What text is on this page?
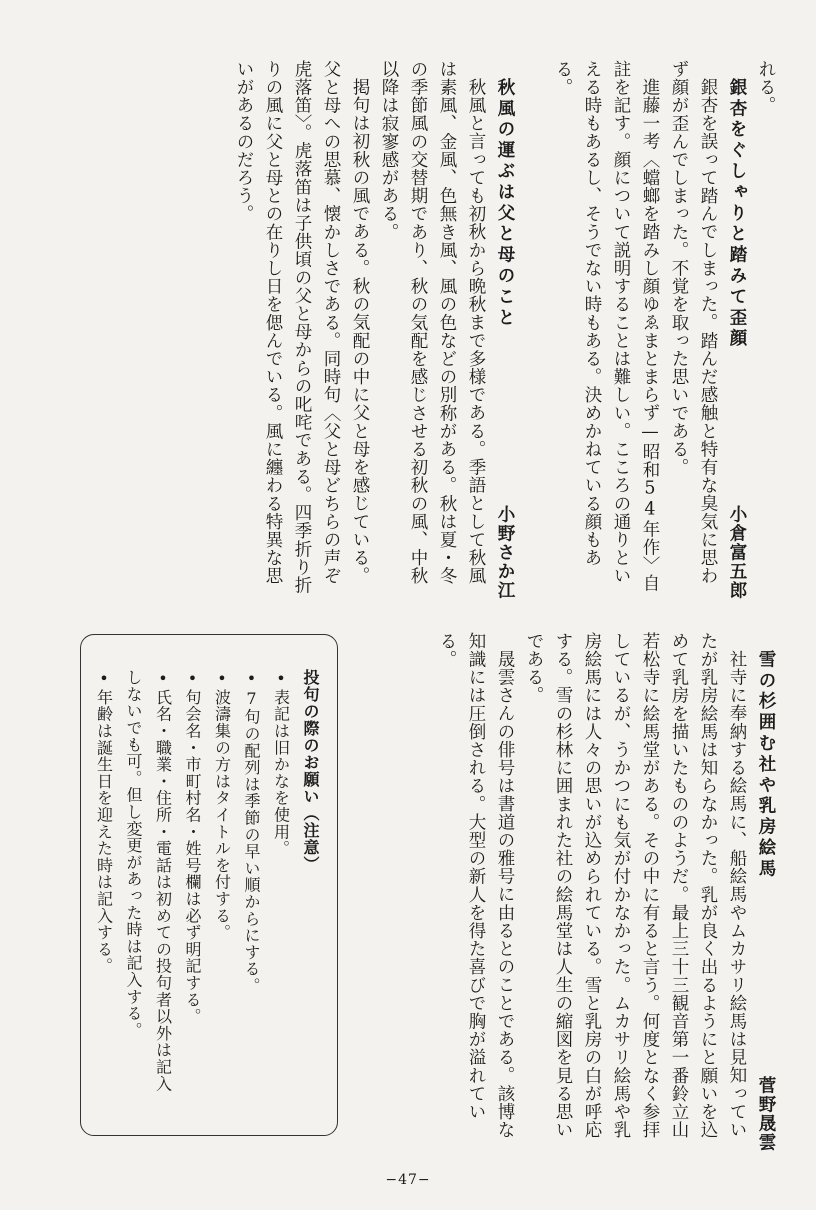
れる。

銀杏をぐしゃりと踏みて歪顔
小倉富五郎

銀杏を誤って踏んでしまった。踏んだ感触と特有な臭気に思わず顔が歪んでしまった。不覚を取った思いである。

進藤一考〈蟷螂を踏みし顔ゆゑまとまらず—昭和54年作〉自註を記す。顔について説明することは難しい。こころの通りといえる時もあるし、そうでない時もある。決めかねている顔もある。

秋風の運ぶは父と母のこと
小野さか江

秋風と言っても初秋から晩秋まで多様である。季語として秋風は素風、金風、色無き風、風の色などの別称がある。秋は夏・冬の季節風の交替期であり、秋の気配を感じさせる初秋の風、中秋以降は寂寥感がある。

掲句は初秋の風である。秋の気配の中に父と母を感じている。父と母への思慕、懐かしさである。同時句〈父と母どちらの声ぞ虎落笛〉。虎落笛は子供頃の父と母からの叱咤である。四季折り折りの風に父と母との在りし日を偲んでいる。風に纏わる特異な思いがあるのだろう。

雪の杉囲む社や乳房絵馬
菅野晟雲

社寺に奉納する絵馬に、船絵馬やムカサリ絵馬は見知っていたが乳房絵馬は知らなかった。乳が良く出るようにと願いを込めて乳房を描いたもののようだ。最上三十三観音第一番鈴立山若松寺に絵馬堂がある。その中に有ると言う。何度となく参拝しているが、うかつにも気が付かなかった。ムカサリ絵馬や乳房絵馬には人々の思いが込められている。雪と乳房の白が呼応する。雪の杉林に囲まれた社の絵馬堂は人生の縮図を見る思いである。

晟雲さんの俳号は書道の雅号に由るとのことである。該博な知識には圧倒される。大型の新人を得た喜びで胸が溢れている。

投句の際のお願い（注意）

•表記は旧かなを使用。

•7句の配列は季節の早い順からにする。

•波濤集の方はタイトルを付する。

•句会名・市町村名・姓号欄は必ず明記する。

•氏名・職業・住所・電話は初めての投句者以外は記入

しないでも可。但し変更があった時は記入する。

•年齢は誕生日を迎えた時は記入する。

−47−
